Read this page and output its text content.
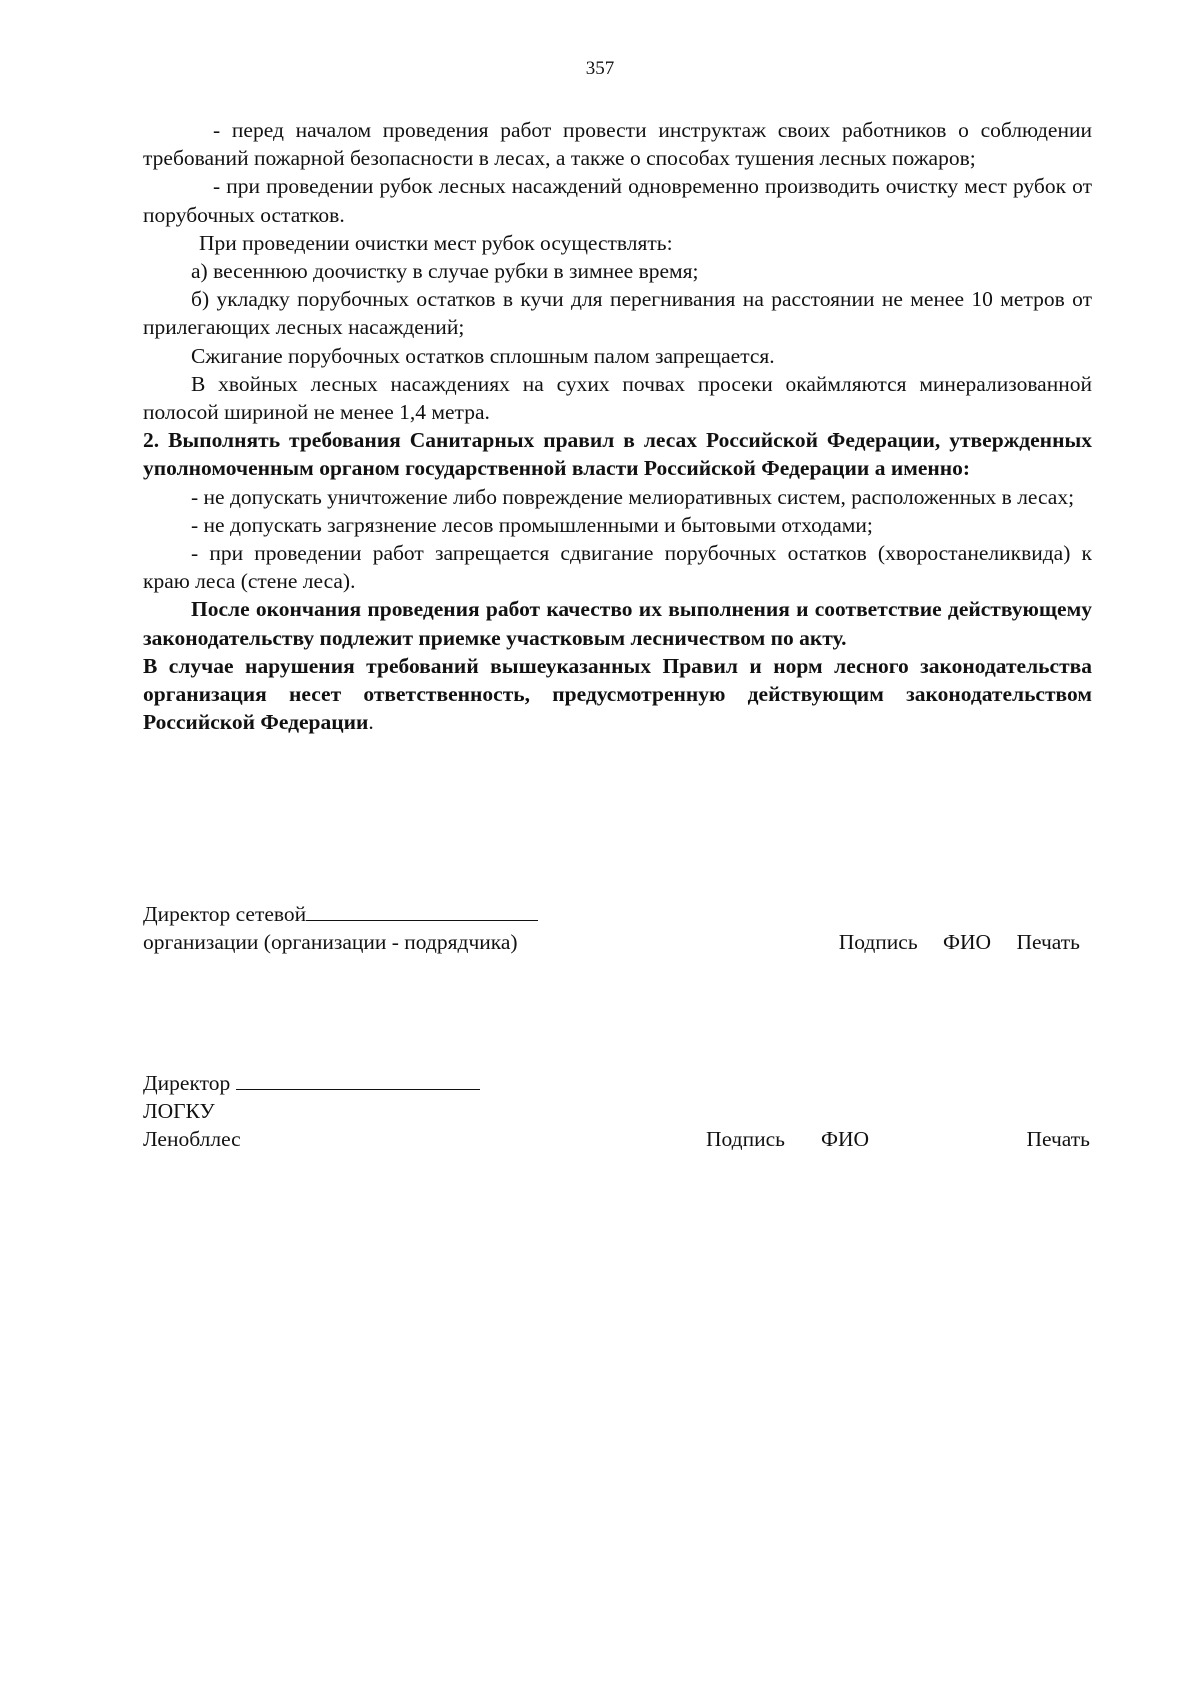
357

- перед началом проведения работ провести инструктаж своих работников о соблюдении требований пожарной безопасности в лесах, а также о способах тушения лесных пожаров;

- при проведении рубок лесных насаждений одновременно производить очистку мест рубок от порубочных остатков.

При проведении очистки мест рубок осуществлять:

а) весеннюю доочистку в случае рубки в зимнее время;

б) укладку порубочных остатков в кучи для перегнивания на расстоянии не менее 10 метров от прилегающих лесных насаждений;

Сжигание порубочных остатков сплошным палом запрещается.

В хвойных лесных насаждениях на сухих почвах просеки окаймляются минерализованной полосой шириной не менее 1,4 метра.

2. Выполнять требования Санитарных правил в лесах Российской Федерации, утвержденных уполномоченным органом государственной власти Российской Федерации а именно:

- не допускать уничтожение либо повреждение мелиоративных систем, расположенных в лесах;

- не допускать загрязнение лесов промышленными и бытовыми отходами;

- при проведении работ запрещается сдвигание порубочных остатков (хворостанеликвида) к краю леса (стене леса).

После окончания проведения работ качество их выполнения и соответствие действующему законодательству подлежит приемке участковым лесничеством по акту.

В случае нарушения требований вышеуказанных Правил и норм лесного законодательства организация несет ответственность, предусмотренную действующим законодательством Российской Федерации.

Директор сетевой
организации (организации - подрядчика)	Подпись ФИО Печать
Директор
ЛОГКУ
Ленобллес	Подпись ФИО	Печать
